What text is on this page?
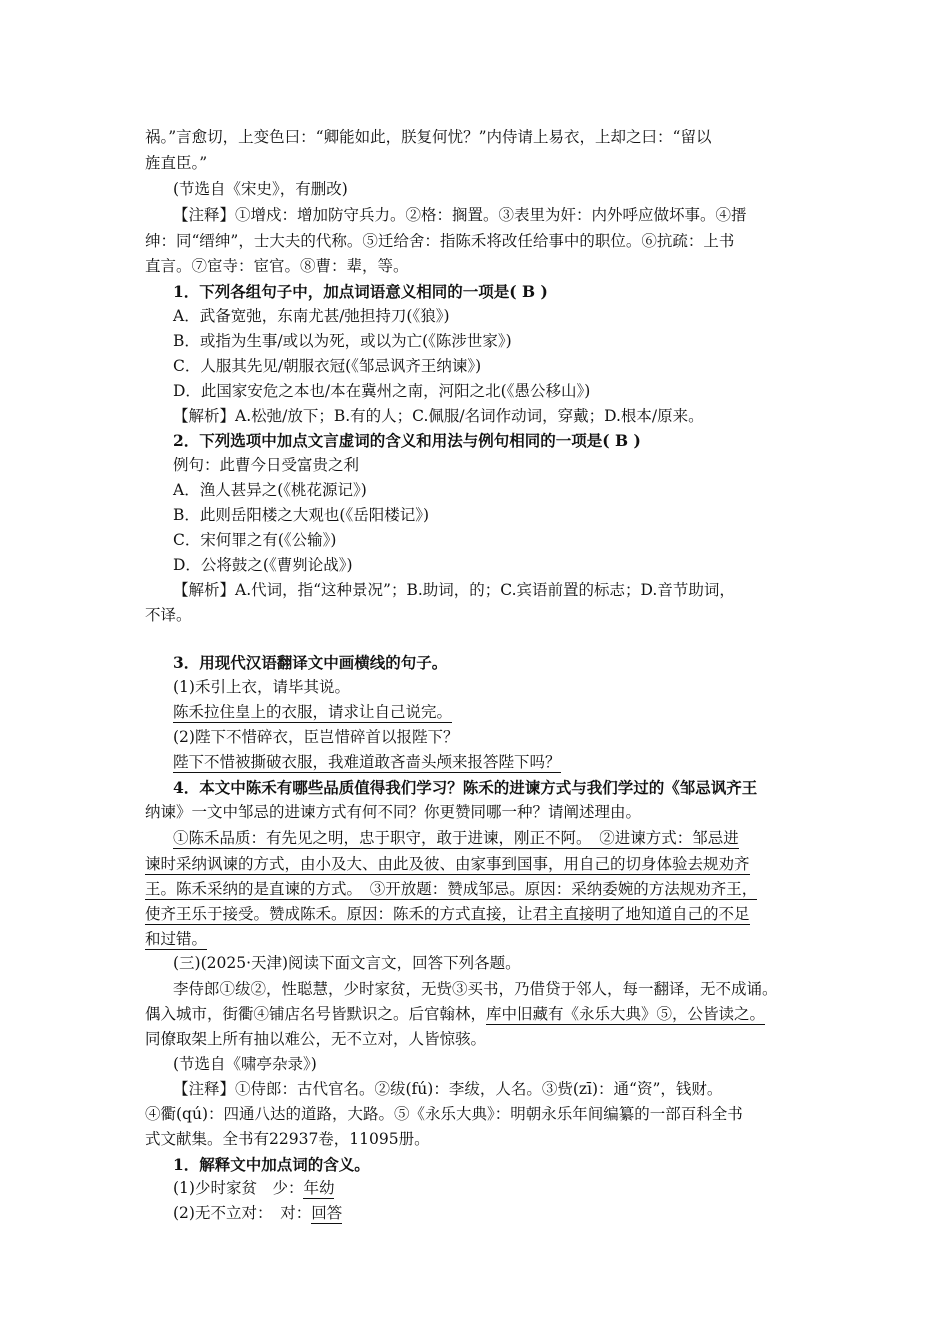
祸。”言愈切，上变色曰：“卿能如此，朕复何忧？”内侍请上易衣，上却之曰：“留以
旌直臣。”
(节选自《宋史》，有删改)
【注释】①增戍：增加防守兵力。②格：搁置。③表里为奸：内外呼应做坏事。④搢
绅：同“缙绅”，士大夫的代称。⑤迁给舍：指陈禾将改任给事中的职位。⑥抗疏：上书
直言。⑦宦寺：宦官。⑧曹：辈，等。
1．下列各组句子中，加点词语意义相同的一项是( B )
A．武备宽弛，东南尤甚/弛担持刀(《狼》)
B．或指为生事/或以为死，或以为亡(《陈涉世家》)
C．人服其先见/朝服衣冠(《邹忌讽齐王纳谏》)
D．此国家安危之本也/本在冀州之南，河阳之北(《愚公移山》)
【解析】A.松弛/放下；B.有的人；C.佩服/名词作动词，穿戴；D.根本/原来。
2．下列选项中加点文言虚词的含义和用法与例句相同的一项是( B )
例句：此曹今日受富贵之利
A．渔人甚异之(《桃花源记》)
B．此则岳阳楼之大观也(《岳阳楼记》)
C．宋何罪之有(《公输》)
D．公将鼓之(《曹刿论战》)
【解析】A.代词，指“这种景况”；B.助词，的；C.宾语前置的标志；D.音节助词，
不译。
3．用现代汉语翻译文中画横线的句子。
(1)禾引上衣，请毕其说。
陈禾拉住皇上的衣服，请求让自己说完。
(2)陛下不惜碎衣，臣岂惜碎首以报陛下？
陛下不惜被撕破衣服，我难道敢吝啬头颅来报答陛下吗？
4．本文中陈禾有哪些品质值得我们学习？陈禾的进谏方式与我们学过的《邹忌讽齐王
纳谏》一文中邹忌的进谏方式有何不同？你更赞同哪一种？请阐述理由。
①陈禾品质：有先见之明，忠于职守，敢于进谏，刚正不阿。　②进谏方式：邹忌进
谏时采纳讽谏的方式，由小及大、由此及彼、由家事到国事，用自己的切身体验去规劝齐
王。陈禾采纳的是直谏的方式。　③开放题：赞成邹忌。原因：采纳委婉的方法规劝齐王，
使齐王乐于接受。赞成陈禾。原因：陈禾的方式直接，让君主直接明了地知道自己的不足
和过错。
(三)(2025·天津)阅读下面文言文，回答下列各题。
李侍郎①绂②，性聪慧，少时家贫，无赀③买书，乃借贷于邻人，每一翻译，无不成诵。
偶入城市，街衢④铺店名号皆默识之。后官翰林，库中旧藏有《永乐大典》⑤，公皆读之。
同僚取架上所有抽以难公，无不立对，人皆惊骇。
(节选自《啸亭杂录》)
【注释】①侍郎：古代官名。②绂(fú)：李绂，人名。③赀(zī)：通“资”，钱财。
④衢(qú)：四通八达的道路，大路。⑤《永乐大典》：明朝永乐年间编纂的一部百科全书
式文献集。全书有22937卷，11095册。
1．解释文中加点词的含义。
(1)少时家贫　少：年幼
(2)无不立对：　对：回答
